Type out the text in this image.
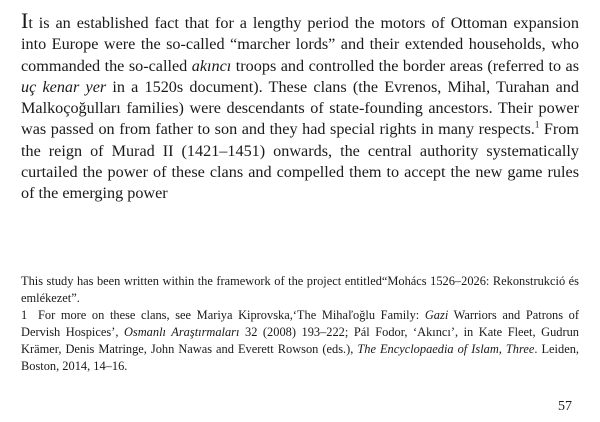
It is an established fact that for a lengthy period the motors of Ottoman expansion into Europe were the so-called “marcher lords” and their extended households, who commanded the so-called akıncı troops and controlled the border areas (referred to as uç kenar yer in a 1520s document). These clans (the Evrenos, Mihal, Turahan and Malkoçoğulları families) were descendants of state-founding ancestors. Their power was passed on from father to son and they had special rights in many respects.$^1$ From the reign of Murad II (1421–1451) onwards, the central authority systematically curtailed the power of these clans and compelled them to accept the new game rules of the emerging power

This study has been written within the framework of the project entitled“Mohács 1526–2026: Rekonstrukció és emlékezet”.

1 For more on these clans, see Mariya Kiprovska,‘The Mihaľoğlu Family: Gazi Warriors and Patrons of Dervish Hospices’, Osmanlı Araştırmaları 32 (2008) 193–222; Pál Fodor, ‘Akıncı’, in Kate Fleet, Gudrun Krämer, Denis Matringe, John Nawas and Everett Rowson (eds.), The Encyclopaedia of Islam, Three. Leiden, Boston, 2014, 14–16.

57
